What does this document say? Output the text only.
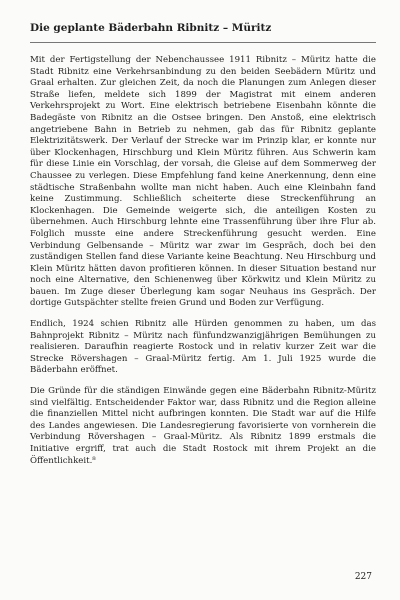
Die geplante Bäderbahn Ribnitz – Müritz

Mit der Fertigstellung der Nebenchaussee 1911 Ribnitz – Müritz hatte die Stadt Ribnitz eine Verkehrsanbindung zu den beiden Seebädern Müritz und Graal erhalten. Zur gleichen Zeit, da noch die Planungen zum Anlegen dieser Straße liefen, meldete sich 1899 der Magistrat mit einem anderen Verkehrsprojekt zu Wort. Eine elektrisch betriebene Eisenbahn könnte die Badegäste von Ribnitz an die Ostsee bringen. Den Anstoß, eine elektrisch angetriebene Bahn in Betrieb zu nehmen, gab das für Ribnitz geplante Elektrizitätswerk. Der Verlauf der Strecke war im Prinzip klar, er konnte nur über Klockenhagen, Hirschburg und Klein Müritz führen. Aus Schwerin kam für diese Linie ein Vorschlag, der vorsah, die Gleise auf dem Sommerweg der Chaussee zu verlegen. Diese Empfehlung fand keine Anerkennung, denn eine städtische Straßenbahn wollte man nicht haben. Auch eine Kleinbahn fand keine Zustimmung. Schließlich scheiterte diese Streckenführung an Klockenhagen. Die Gemeinde weigerte sich, die anteiligen Kosten zu übernehmen. Auch Hirschburg lehnte eine Trassenführung über ihre Flur ab. Folglich musste eine andere Streckenführung gesucht werden. Eine Verbindung Gelbensande – Müritz war zwar im Gespräch, doch bei den zuständigen Stellen fand diese Variante keine Beachtung. Neu Hirschburg und Klein Müritz hätten davon profitieren können. In dieser Situation bestand nur noch eine Alternative, den Schienenweg über Körkwitz und Klein Müritz zu bauen. Im Zuge dieser Überlegung kam sogar Neuhaus ins Gespräch. Der dortige Gutspächter stellte freien Grund und Boden zur Verfügung.

Endlich, 1924 schien Ribnitz alle Hürden genommen zu haben, um das Bahnprojekt Ribnitz – Müritz nach fünfundzwanzigjährigen Bemühungen zu realisieren. Daraufhin reagierte Rostock und in relativ kurzer Zeit war die Strecke Rövershagen – Graal-Müritz fertig. Am 1. Juli 1925 wurde die Bäderbahn eröffnet.

Die Gründe für die ständigen Einwände gegen eine Bäderbahn Ribnitz-Müritz sind vielfältig. Entscheidender Faktor war, dass Ribnitz und die Region alleine die finanziellen Mittel nicht aufbringen konnten. Die Stadt war auf die Hilfe des Landes angewiesen. Die Landesregierung favorisierte von vornherein die Verbindung Rövershagen – Graal-Müritz. Als Ribnitz 1899 erstmals die Initiative ergriff, trat auch die Stadt Rostock mit ihrem Projekt an die Öffentlichkeit.⁸

227
